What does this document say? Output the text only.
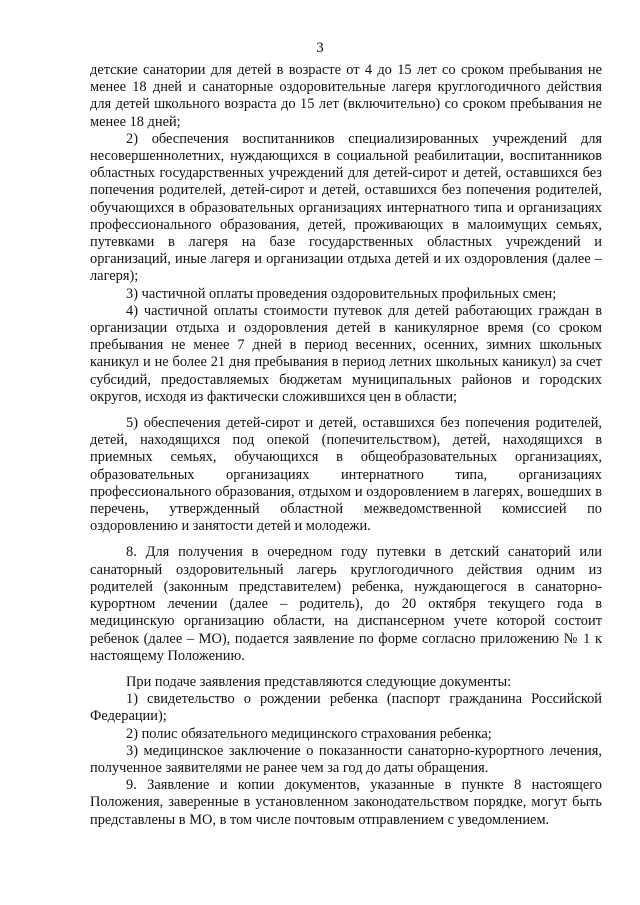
3

детские санатории для детей в возрасте от 4 до 15 лет со сроком пребывания не менее 18 дней и санаторные оздоровительные лагеря круглогодичного действия для детей школьного возраста до 15 лет (включительно) со сроком пребывания не менее 18 дней;

2) обеспечения воспитанников специализированных учреждений для несовершеннолетних, нуждающихся в социальной реабилитации, воспитанников областных государственных учреждений для детей-сирот и детей, оставшихся без попечения родителей, детей-сирот и детей, оставшихся без попечения родителей, обучающихся в образовательных организациях интернатного типа и организациях профессионального образования, детей, проживающих в малоимущих семьях, путевками в лагеря на базе государственных областных учреждений и организаций, иные лагеря и организации отдыха детей и их оздоровления (далее – лагеря);

3) частичной оплаты проведения оздоровительных профильных смен;

4) частичной оплаты стоимости путевок для детей работающих граждан в организации отдыха и оздоровления детей в каникулярное время (со сроком пребывания не менее 7 дней в период весенних, осенних, зимних школьных каникул и не более 21 дня пребывания в период летних школьных каникул) за счет субсидий, предоставляемых бюджетам муниципальных районов и городских округов, исходя из фактически сложившихся цен в области;

5) обеспечения детей-сирот и детей, оставшихся без попечения родителей, детей, находящихся под опекой (попечительством), детей, находящихся в приемных семьях, обучающихся в общеобразовательных организациях, образовательных организациях интернатного типа, организациях профессионального образования, отдыхом и оздоровлением в лагерях, вошедших в перечень, утвержденный областной межведомственной комиссией по оздоровлению и занятости детей и молодежи.

8. Для получения в очередном году путевки в детский санаторий или санаторный оздоровительный лагерь круглогодичного действия одним из родителей (законным представителем) ребенка, нуждающегося в санаторно-курортном лечении (далее – родитель), до 20 октября текущего года в медицинскую организацию области, на диспансерном учете которой состоит ребенок (далее – МО), подается заявление по форме согласно приложению № 1 к настоящему Положению.

При подаче заявления представляются следующие документы:

1) свидетельство о рождении ребенка (паспорт гражданина Российской Федерации);

2) полис обязательного медицинского страхования ребенка;

3) медицинское заключение о показанности санаторно-курортного лечения, полученное заявителями не ранее чем за год до даты обращения.

9. Заявление и копии документов, указанные в пункте 8 настоящего Положения, заверенные в установленном законодательством порядке, могут быть представлены в МО, в том числе почтовым отправлением с уведомлением.
